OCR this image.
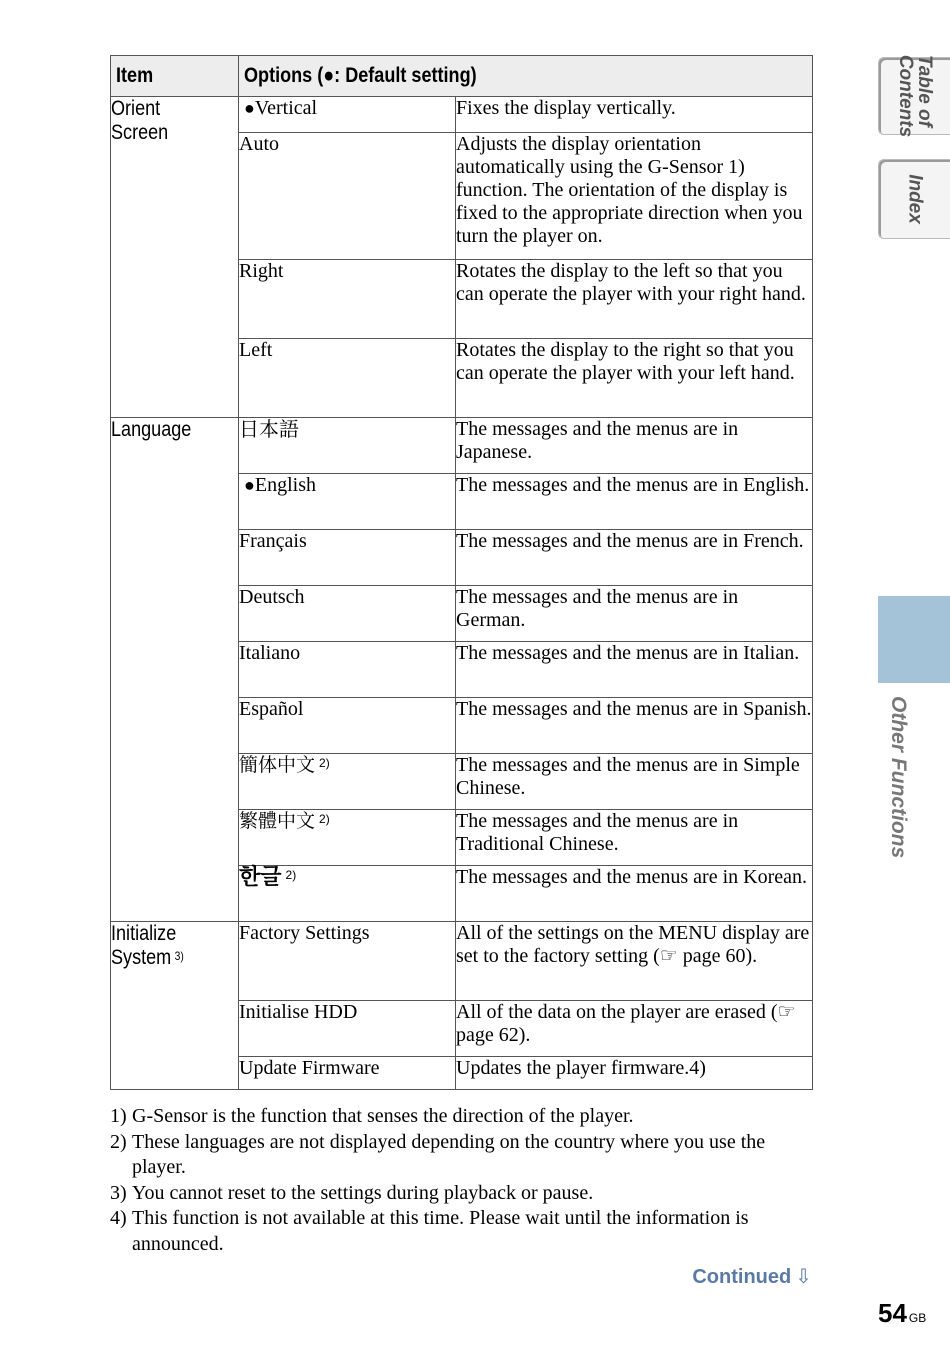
Item	Options (●: Default setting)	
Orient Screen	●Vertical	Fixes the display vertically.
	Auto	Adjusts the display orientation automatically using the G-Sensor 1) function. The orientation of the display is fixed to the appropriate direction when you turn the player on.
	Right	Rotates the display to the left so that you can operate the player with your right hand.
	Left	Rotates the display to the right so that you can operate the player with your left hand.
Language	日本語	The messages and the menus are in Japanese.
	●English	The messages and the menus are in English.
	Français	The messages and the menus are in French.
	Deutsch	The messages and the menus are in German.
	Italiano	The messages and the menus are in Italian.
	Español	The messages and the menus are in Spanish.
	簡体中文 $^{2)}$	The messages and the menus are in Simple Chinese.
	繁體中文 $^{2)}$	The messages and the menus are in Traditional Chinese.
	한글 $^{2)}$	The messages and the menus are in Korean.
Initialize System $^{3)}$	Factory Settings	All of the settings on the MENU display are set to the factory setting (☞ page 60).
	Initialise HDD	All of the data on the player are erased (☞ page 62).
	Update Firmware	Updates the player firmware.4)
1) G-Sensor is the function that senses the direction of the player.
2) These languages are not displayed depending on the country where you use the player.
3) You cannot reset to the settings during playback or pause.
4) This function is not available at this time. Please wait until the information is announced.
Continued ⇩
54 GB
Table of
Contents
Index
Other Functions
